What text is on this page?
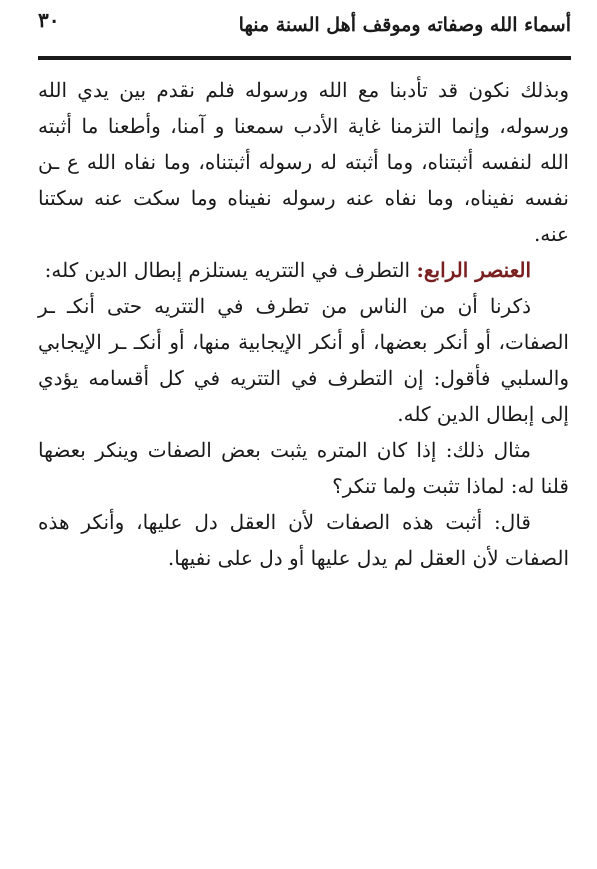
أسماء الله وصفاته وموقف أهل السنة منها
٣٠

وبذلك نكون قد تأدبنا مع الله ورسوله فلم نقدم بين يدي الله ورسوله، وإنما التزمنا غاية الأدب سمعنا و آمنا، وأطعنا ما أثبته الله لنفسه أثبتناه، وما أثبته له رسوله أثبتناه، وما نفاه الله ع ـن نفسه نفيناه، وما نفاه عنه رسوله نفيناه وما سكت عنه سكتنا عنه.

العنصر الرابع: التطرف في التتريه يستلزم إبطال الدين كله:

ذكرنا أن من الناس من تطرف في التتريه حتى أنكـ ـر الصفات، أو أنكر بعضها، أو أنكر الإيجابية منها، أو أنكـ ـر الإيجابي والسلبي فأقول: إن التطرف في التتريه في كل أقسامه يؤدي إلى إبطال الدين كله.

مثال ذلك: إذا كان المتره يثبت بعض الصفات وينكر بعضها قلنا له: لماذا تثبت ولما تنكر؟

قال: أثبت هذه الصفات لأن العقل دل عليها، وأنكر هذه الصفات لأن العقل لم يدل عليها أو دل على نفيها.
